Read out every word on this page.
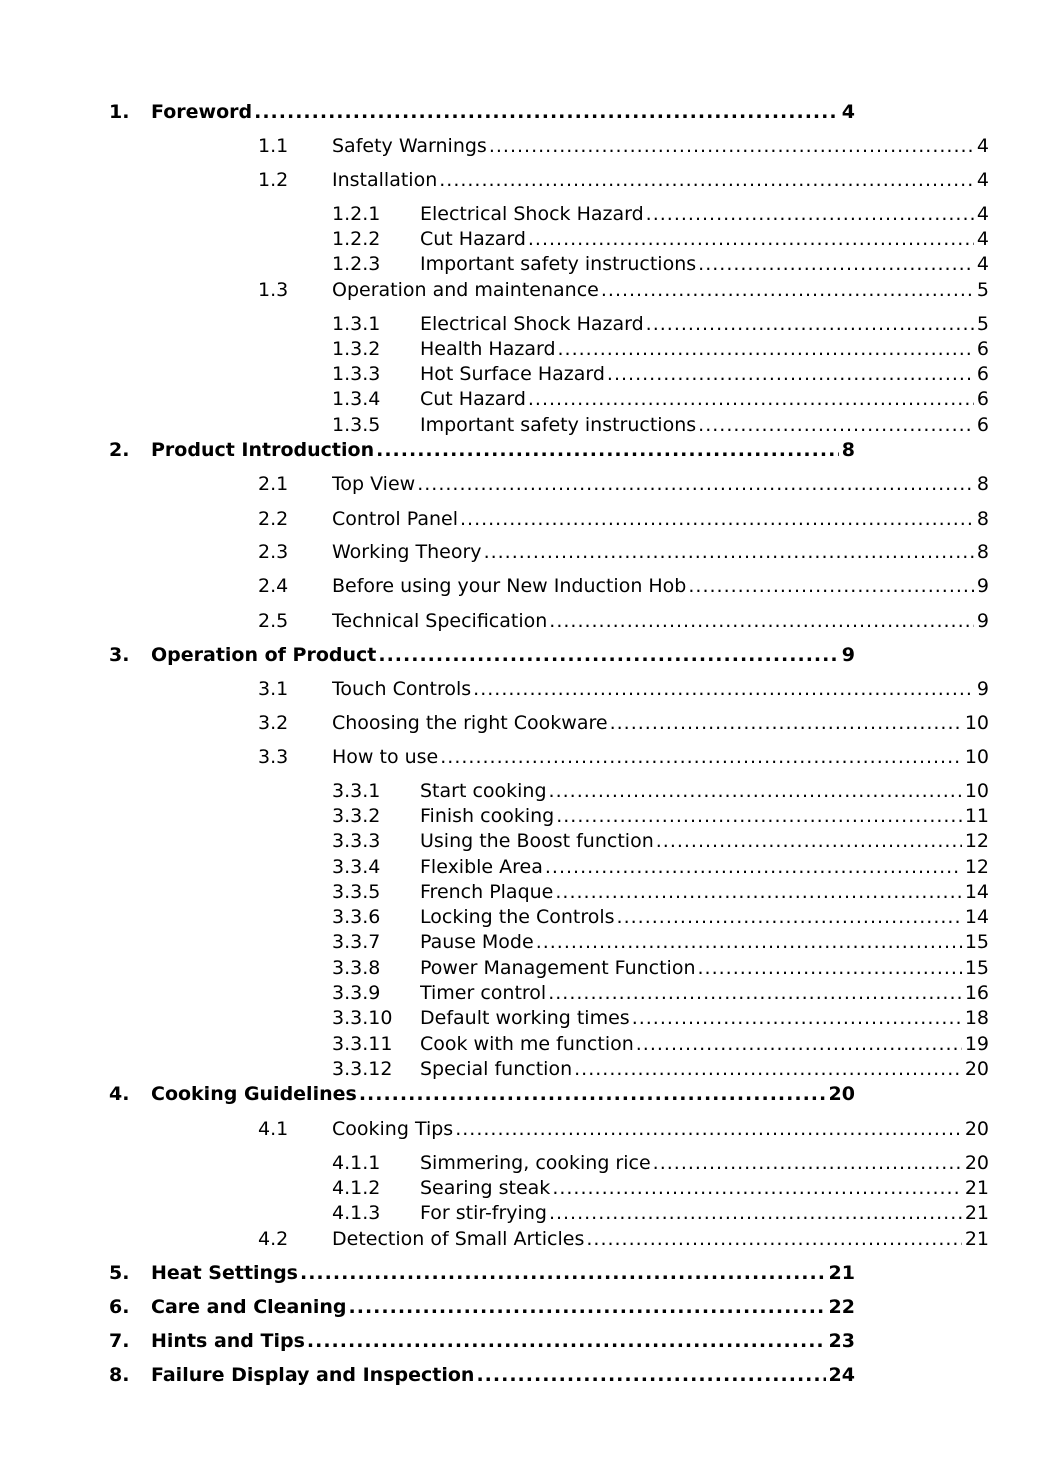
1. Foreword .....	4
1.1 Safety Warnings .....	4
1.2 Installation .....	4
1.2.1 Electrical Shock Hazard .....	4
1.2.2 Cut Hazard .....	4
1.2.3 Important safety instructions .....	4
1.3 Operation and maintenance .....	5
1.3.1 Electrical Shock Hazard .....	5
1.3.2 Health Hazard .....	6
1.3.3 Hot Surface Hazard .....	6
1.3.4 Cut Hazard .....	6
1.3.5 Important safety instructions .....	6
2. Product Introduction .....	8
2.1 Top View .....	8
2.2 Control Panel .....	8
2.3 Working Theory .....	8
2.4 Before using your New Induction Hob .....	9
2.5 Technical Specification .....	9
3. Operation of Product .....	9
3.1 Touch Controls .....	9
3.2 Choosing the right Cookware .....	10
3.3 How to use .....	10
3.3.1 Start cooking .....	10
3.3.2 Finish cooking .....	11
3.3.3 Using the Boost function .....	12
3.3.4 Flexible Area .....	12
3.3.5 French Plaque .....	14
3.3.6 Locking the Controls .....	14
3.3.7 Pause Mode .....	15
3.3.8 Power Management Function .....	15
3.3.9 Timer control .....	16
3.3.10 Default working times .....	18
3.3.11 Cook with me function .....	19
3.3.12 Special function .....	20
4. Cooking Guidelines .....	20
4.1 Cooking Tips .....	20
4.1.1 Simmering, cooking rice .....	20
4.1.2 Searing steak .....	21
4.1.3 For stir-frying .....	21
4.2 Detection of Small Articles .....	21
5. Heat Settings .....	21
6. Care and Cleaning .....	22
7. Hints and Tips .....	23
8. Failure Display and Inspection .....	24
